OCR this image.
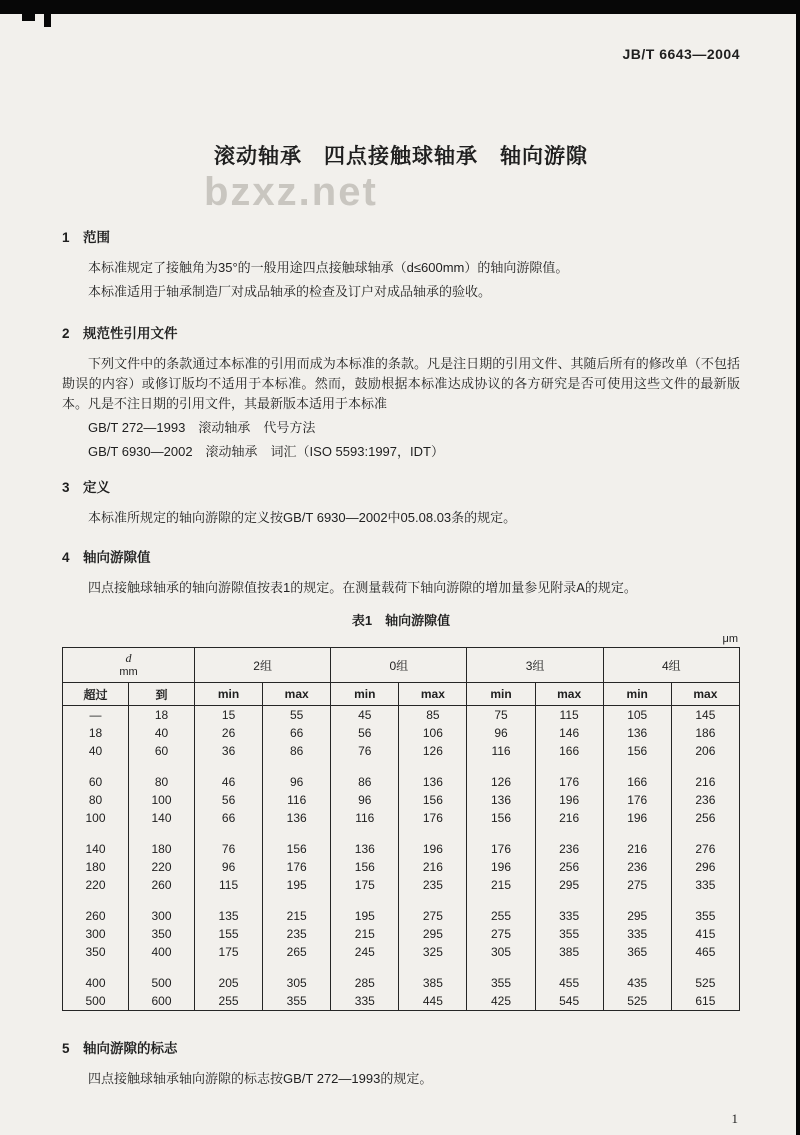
bzxz.net
JB/T 6643—2004
滚动轴承　四点接触球轴承　轴向游隙
1　范围

本标准规定了接触角为35°的一般用途四点接触球轴承（d≤600mm）的轴向游隙值。

本标准适用于轴承制造厂对成品轴承的检查及订户对成品轴承的验收。

2　规范性引用文件

下列文件中的条款通过本标准的引用而成为本标准的条款。凡是注日期的引用文件、其随后所有的修改单（不包括勘误的内容）或修订版均不适用于本标准。然而，鼓励根据本标准达成协议的各方研究是否可使用这些文件的最新版本。凡是不注日期的引用文件，其最新版本适用于本标准

GB/T 272—1993　滚动轴承　代号方法
GB/T 6930—2002　滚动轴承　词汇（ISO 5593:1997，IDT）
3　定义

本标准所规定的轴向游隙的定义按GB/T 6930—2002中05.08.03条的规定。

4　轴向游隙值

四点接触球轴承的轴向游隙值按表1的规定。在测量载荷下轴向游隙的增加量参见附录A的规定。

表1　轴向游隙值
μm
d
mm		2组		0组		3组		4组	
超过	到	min	max	min	max	min	max	min	max
—	18	15	55	45	85	75	115	105	145
18	40	26	66	56	106	96	146	136	186
40	60	36	86	76	126	116	166	156	206
60	80	46	96	86	136	126	176	166	216
80	100	56	116	96	156	136	196	176	236
100	140	66	136	116	176	156	216	196	256
140	180	76	156	136	196	176	236	216	276
180	220	96	176	156	216	196	256	236	296
220	260	115	195	175	235	215	295	275	335
260	300	135	215	195	275	255	335	295	355
300	350	155	235	215	295	275	355	335	415
350	400	175	265	245	325	305	385	365	465
400	500	205	305	285	385	355	455	435	525
500	600	255	355	335	445	425	545	525	615
5　轴向游隙的标志

四点接触球轴承轴向游隙的标志按GB/T 272—1993的规定。

1
